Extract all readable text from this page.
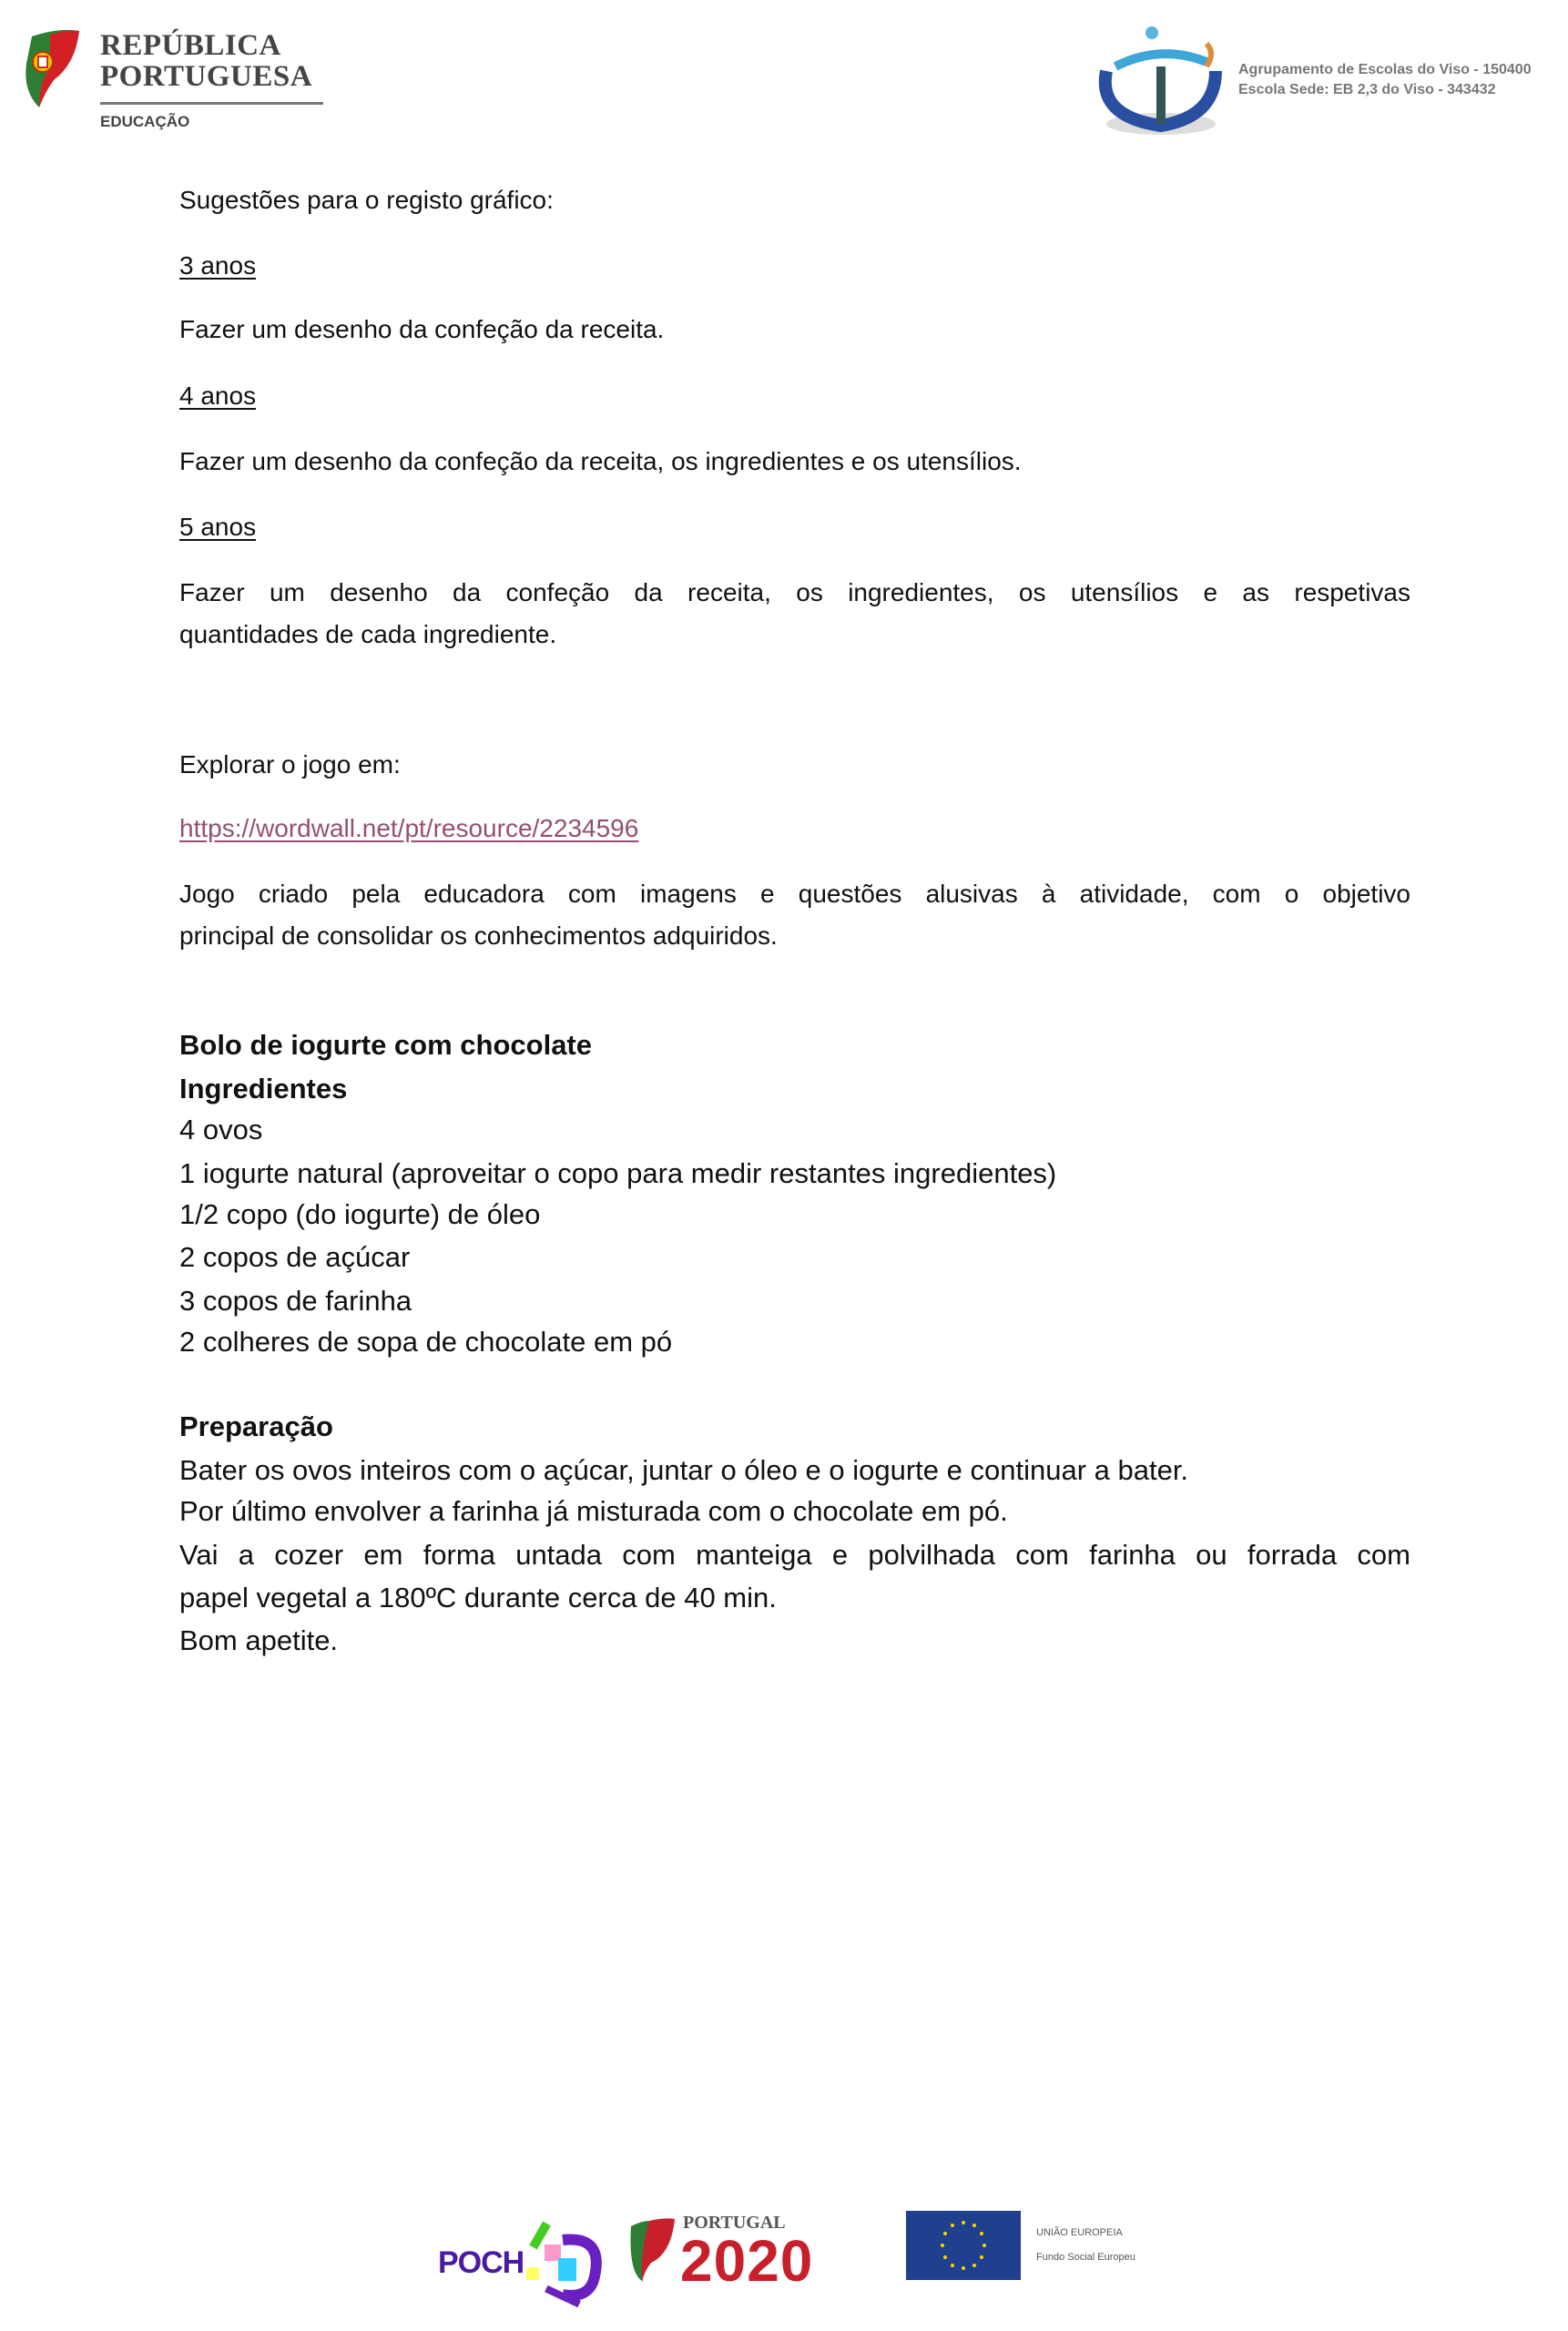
REPÚBLICA
PORTUGUESA
EDUCAÇÃO
Agrupamento de Escolas do Viso - 150400
Escola Sede: EB 2,3 do Viso - 343432
Sugestões para o registo gráfico:
3 anos
Fazer um desenho da confeção da receita.
4 anos
Fazer um desenho da confeção da receita, os ingredientes e os utensílios.
5 anos
Fazer um desenho da confeção da receita, os ingredientes, os utensílios e as respetivas
quantidades de cada ingrediente.
Explorar o jogo em:
https://wordwall.net/pt/resource/2234596
Jogo criado pela educadora com imagens e questões alusivas à atividade, com o objetivo
principal de consolidar os conhecimentos adquiridos.
Bolo de iogurte com chocolate
Ingredientes
4 ovos
1 iogurte natural (aproveitar o copo para medir restantes ingredientes)
1/2 copo (do iogurte) de óleo
2 copos de açúcar
3 copos de farinha
2 colheres de sopa de chocolate em pó
Preparação
Bater os ovos inteiros com o açúcar, juntar o óleo e o iogurte e continuar a bater.
Por último envolver a farinha já misturada com o chocolate em pó.
Vai a cozer em forma untada com manteiga e polvilhada com farinha ou forrada com
papel vegetal a 180ºC durante cerca de 40 min.
Bom apetite.
POCH
PORTUGAL
2020	UNIÃO EUROPEIA
Fundo Social Europeu
